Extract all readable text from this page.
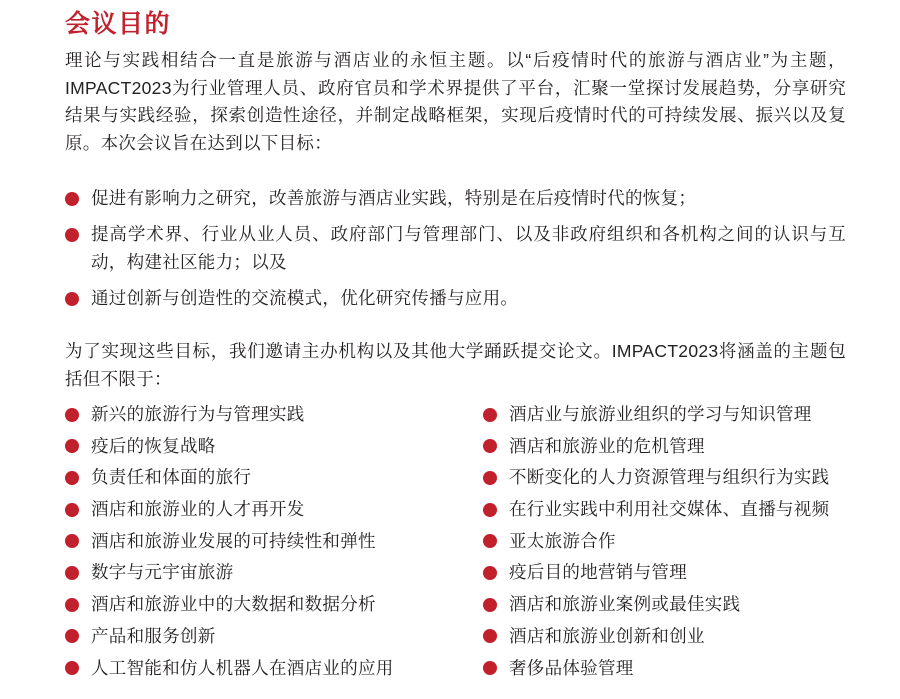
会议目的

理论与实践相结合一直是旅游与酒店业的永恒主题。以“后疫情时代的旅游与酒店业”为主题，IMPACT2023为行业管理人员、政府官员和学术界提供了平台，汇聚一堂探讨发展趋势，分享研究结果与实践经验，探索创造性途径，并制定战略框架，实现后疫情时代的可持续发展、振兴以及复原。本次会议旨在达到以下目标：

促进有影响力之研究，改善旅游与酒店业实践，特别是在后疫情时代的恢复；
提高学术界、行业从业人员、政府部门与管理部门、以及非政府组织和各机构之间的认识与互动，构建社区能力；以及
通过创新与创造性的交流模式，优化研究传播与应用。

为了实现这些目标，我们邀请主办机构以及其他大学踊跃提交论文。IMPACT2023将涵盖的主题包括但不限于：

新兴的旅游行为与管理实践
疫后的恢复战略
负责任和体面的旅行
酒店和旅游业的人才再开发
酒店和旅游业发展的可持续性和弹性
数字与元宇宙旅游
酒店和旅游业中的大数据和数据分析
产品和服务创新
人工智能和仿人机器人在酒店业的应用
酒店业与旅游业组织的学习与知识管理
酒店和旅游业的危机管理
不断变化的人力资源管理与组织行为实践
在行业实践中利用社交媒体、直播与视频
亚太旅游合作
疫后目的地营销与管理
酒店和旅游业案例或最佳实践
酒店和旅游业创新和创业
奢侈品体验管理
